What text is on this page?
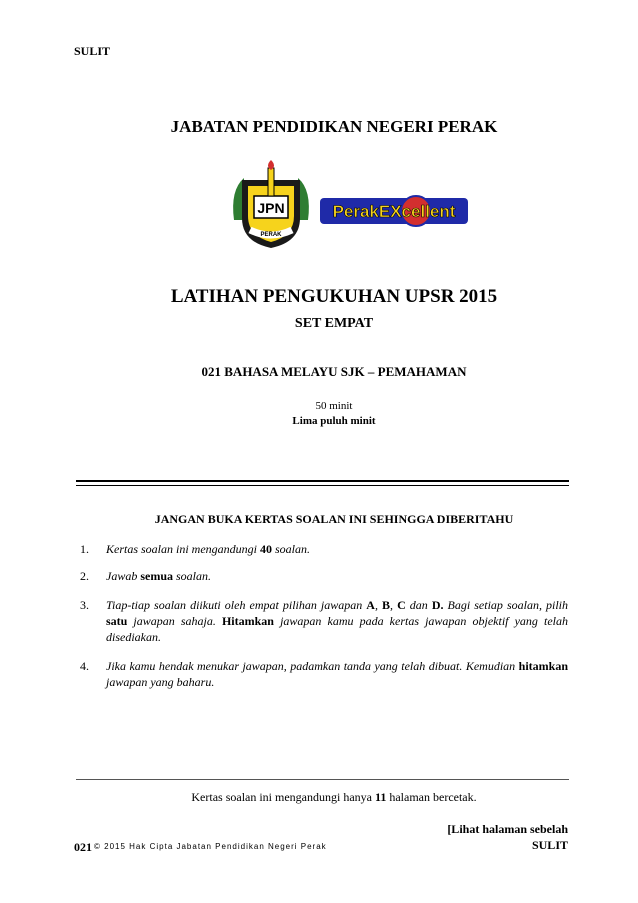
SULIT
JABATAN PENDIDIKAN NEGERI PERAK
JPN
PERAK
PerakEXcellent
LATIHAN PENGUKUHAN UPSR 2015
SET EMPAT
021 BAHASA MELAYU SJK – PEMAHAMAN
50 minit
Lima puluh minit
JANGAN BUKA KERTAS SOALAN INI SEHINGGA DIBERITAHU
1. Kertas soalan ini mengandungi 40 soalan.
2. Jawab semua soalan.
3. Tiap-tiap soalan diikuti oleh empat pilihan jawapan A, B, C dan D. Bagi setiap soalan, pilih satu jawapan sahaja. Hitamkan jawapan kamu pada kertas jawapan objektif yang telah disediakan.
4. Jika kamu hendak menukar jawapan, padamkan tanda yang telah dibuat. Kemudian hitamkan jawapan yang baharu.
Kertas soalan ini mengandungi hanya 11 halaman bercetak.
[Lihat halaman sebelah
021 © 2015 Hak Cipta Jabatan Pendidikan Negeri Perak	SULIT
